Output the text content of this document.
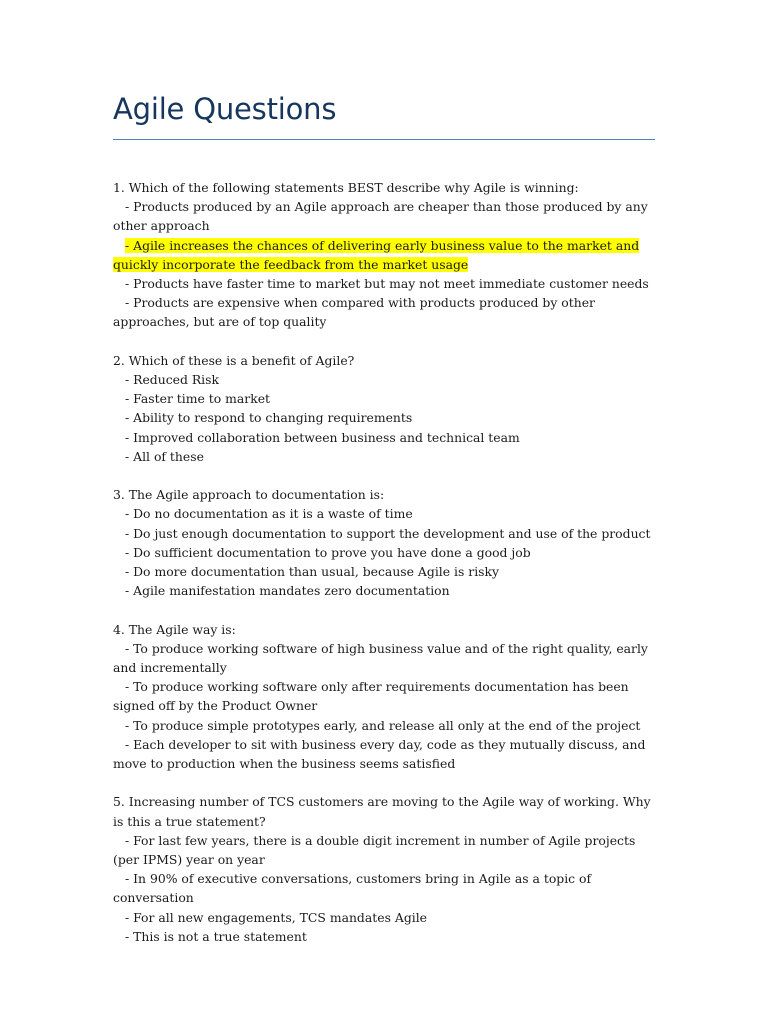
Agile Questions

1. Which of the following statements BEST describe why Agile is winning:

- Products produced by an Agile approach are cheaper than those produced by any other approach

- Agile increases the chances of delivering early business value to the market and quickly incorporate the feedback from the market usage

- Products have faster time to market but may not meet immediate customer needs

- Products are expensive when compared with products produced by other approaches, but are of top quality

2. Which of these is a benefit of Agile?

- Reduced Risk

- Faster time to market

- Ability to respond to changing requirements

- Improved collaboration between business and technical team

- All of these

3. The Agile approach to documentation is:

- Do no documentation as it is a waste of time

- Do just enough documentation to support the development and use of the product

- Do sufficient documentation to prove you have done a good job

- Do more documentation than usual, because Agile is risky

- Agile manifestation mandates zero documentation

4. The Agile way is:

- To produce working software of high business value and of the right quality, early and incrementally

- To produce working software only after requirements documentation has been signed off by the Product Owner

- To produce simple prototypes early, and release all only at the end of the project

- Each developer to sit with business every day, code as they mutually discuss, and move to production when the business seems satisfied

5. Increasing number of TCS customers are moving to the Agile way of working. Why is this a true statement?

- For last few years, there is a double digit increment in number of Agile projects (per IPMS) year on year

- In 90% of executive conversations, customers bring in Agile as a topic of conversation

- For all new engagements, TCS mandates Agile

- This is not a true statement
